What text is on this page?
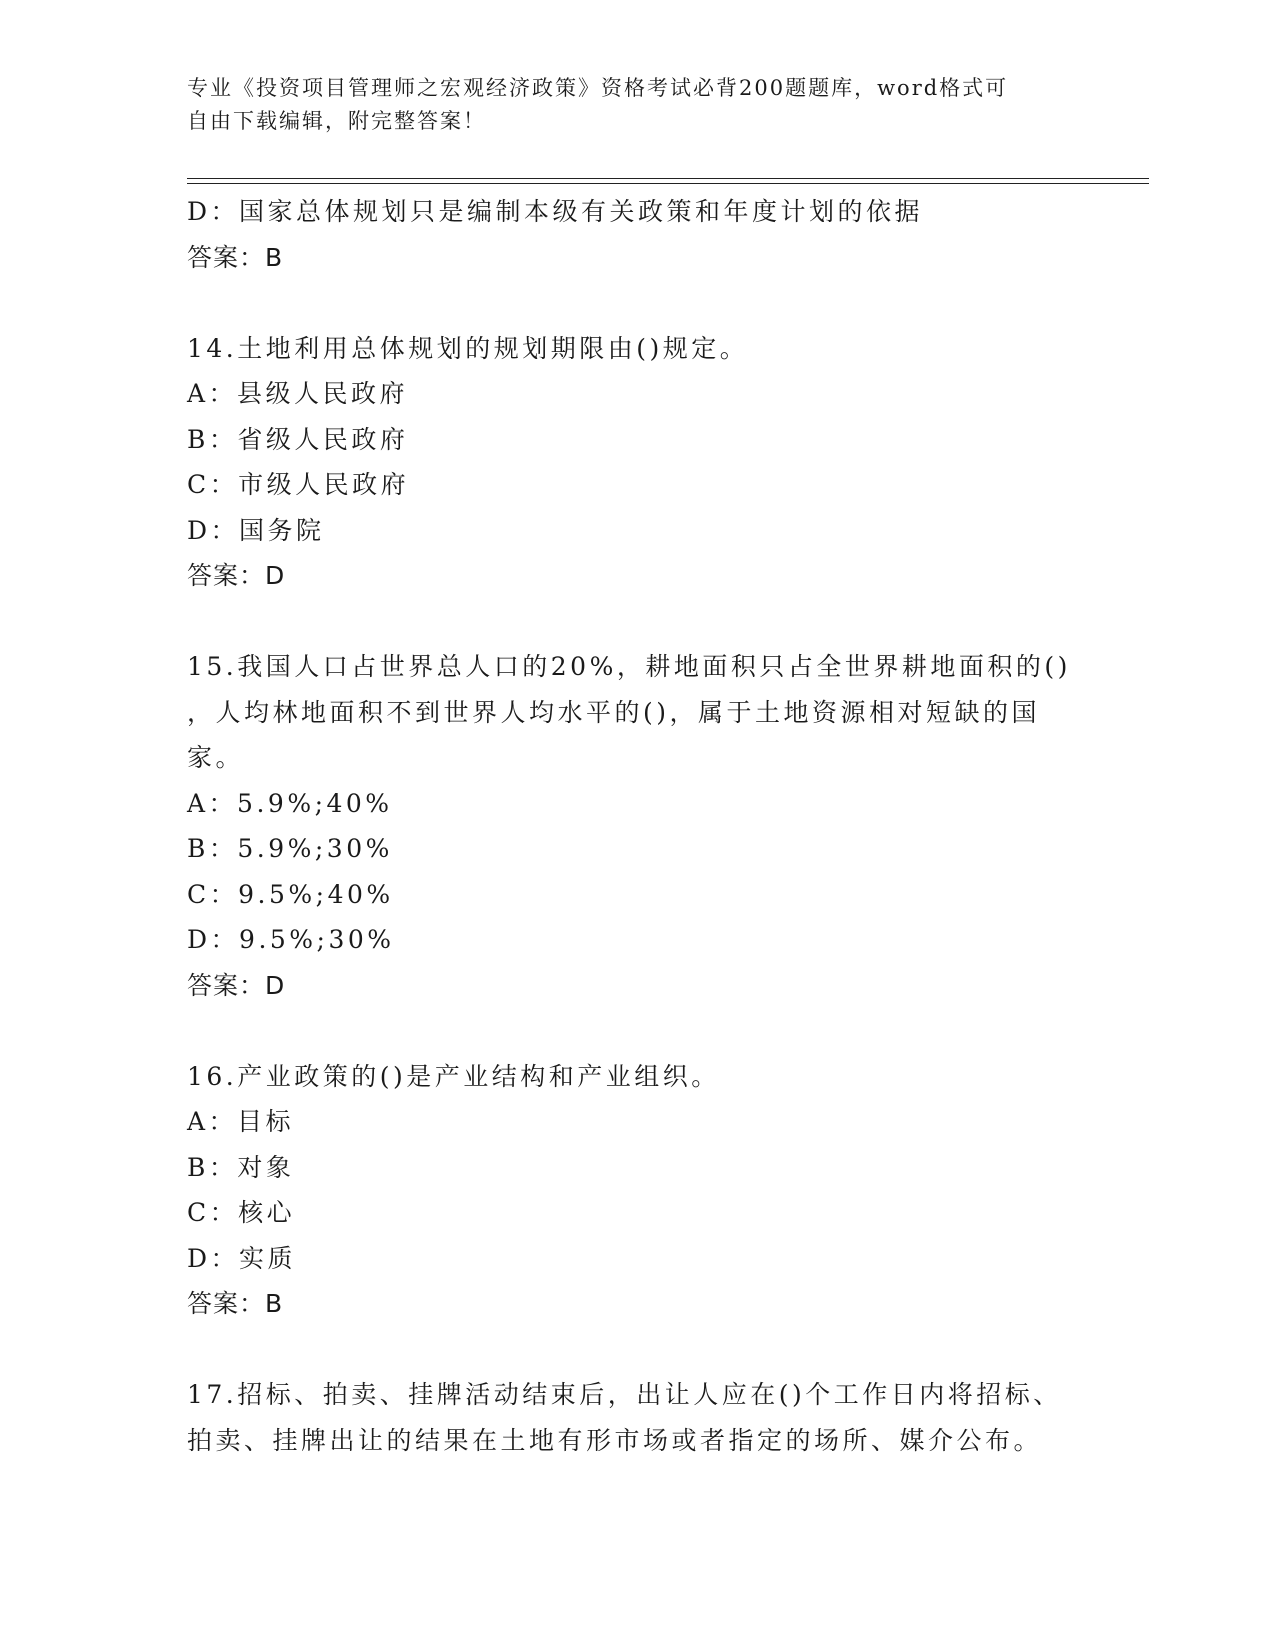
专业《投资项目管理师之宏观经济政策》资格考试必背200题题库，word格式可
自由下载编辑，附完整答案！
D：国家总体规划只是编制本级有关政策和年度计划的依据
答案：B
14.土地利用总体规划的规划期限由()规定。
A：县级人民政府
B：省级人民政府
C：市级人民政府
D：国务院
答案：D
15.我国人口占世界总人口的20%，耕地面积只占全世界耕地面积的()
，人均林地面积不到世界人均水平的()，属于土地资源相对短缺的国
家。
A：5.9%;40%
B：5.9%;30%
C：9.5%;40%
D：9.5%;30%
答案：D
16.产业政策的()是产业结构和产业组织。
A：目标
B：对象
C：核心
D：实质
答案：B
17.招标、拍卖、挂牌活动结束后，出让人应在()个工作日内将招标、
拍卖、挂牌出让的结果在土地有形市场或者指定的场所、媒介公布。
